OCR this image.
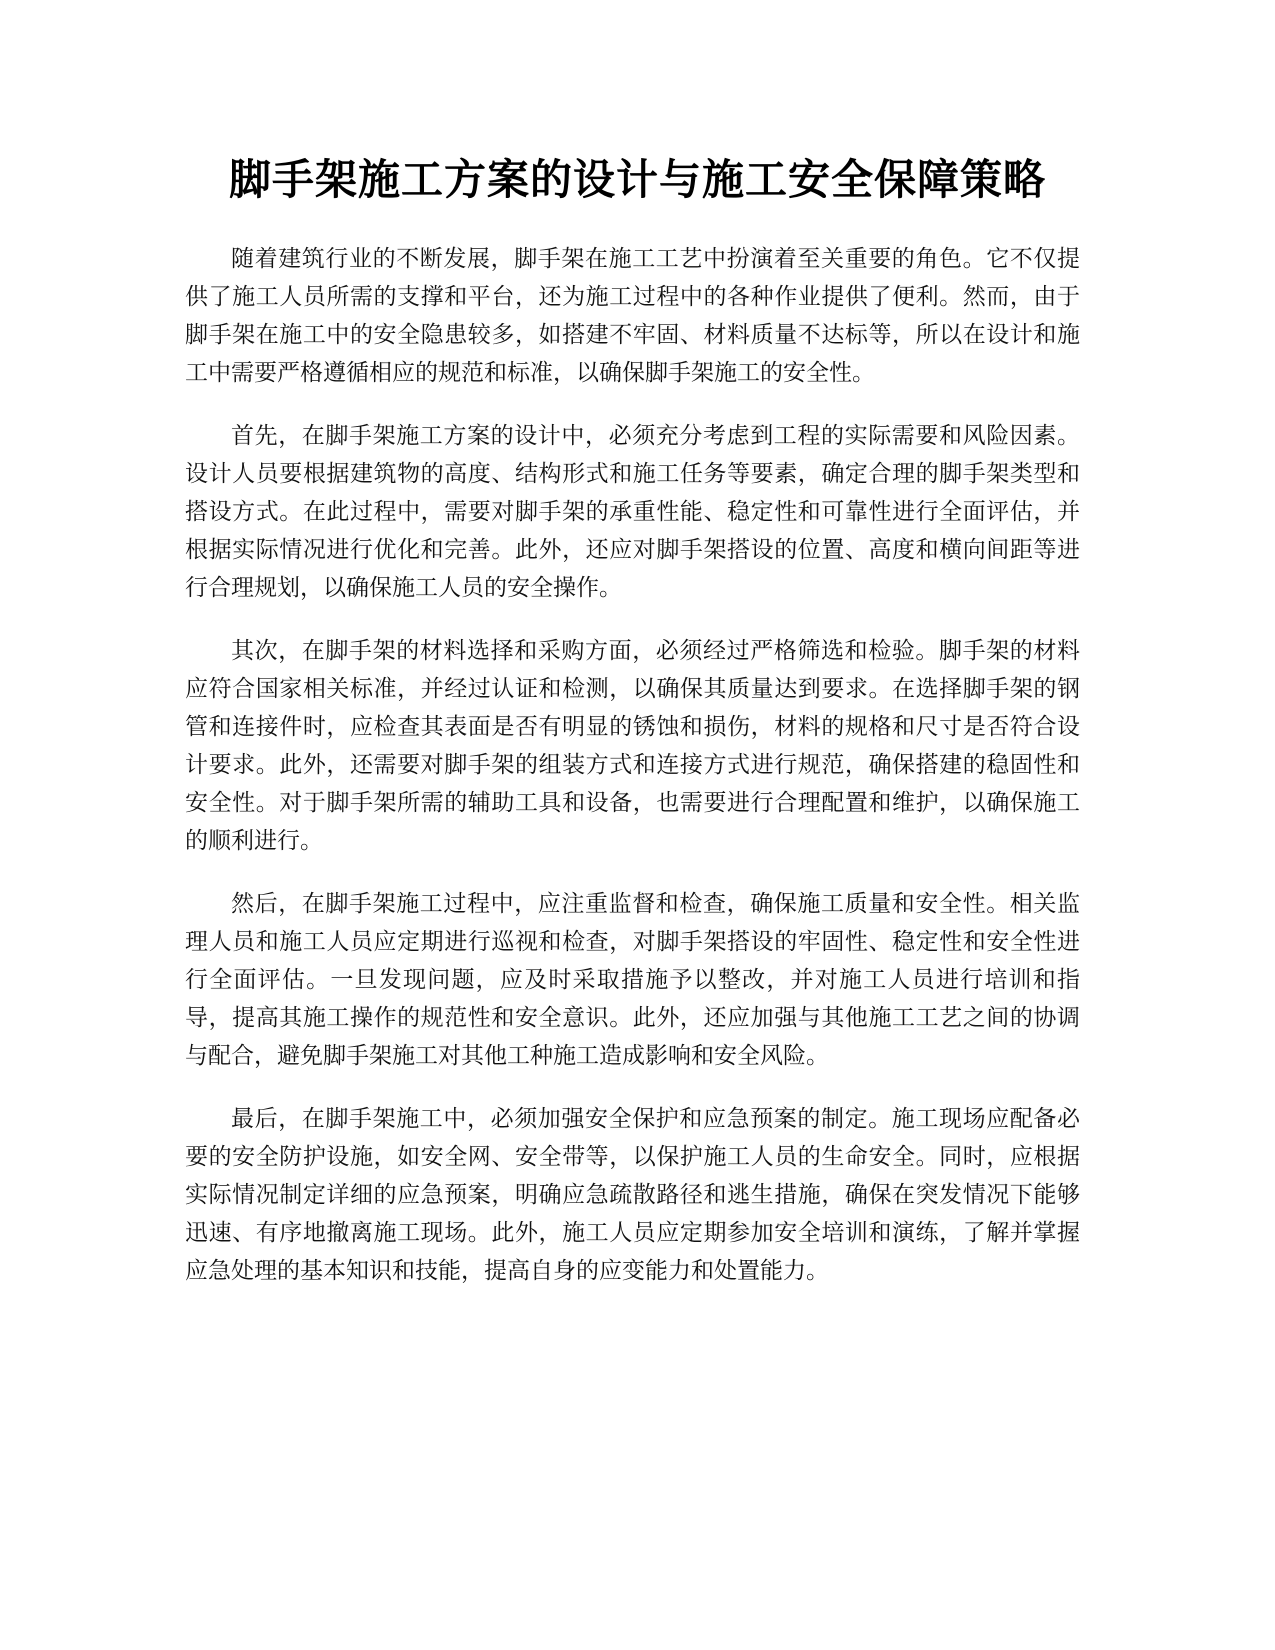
脚手架施工方案的设计与施工安全保障策略

随着建筑行业的不断发展，脚手架在施工工艺中扮演着至关重要的角色。它不仅提供了施工人员所需的支撑和平台，还为施工过程中的各种作业提供了便利。然而，由于脚手架在施工中的安全隐患较多，如搭建不牢固、材料质量不达标等，所以在设计和施工中需要严格遵循相应的规范和标准，以确保脚手架施工的安全性。

首先，在脚手架施工方案的设计中，必须充分考虑到工程的实际需要和风险因素。设计人员要根据建筑物的高度、结构形式和施工任务等要素，确定合理的脚手架类型和搭设方式。在此过程中，需要对脚手架的承重性能、稳定性和可靠性进行全面评估，并根据实际情况进行优化和完善。此外，还应对脚手架搭设的位置、高度和横向间距等进行合理规划，以确保施工人员的安全操作。

其次，在脚手架的材料选择和采购方面，必须经过严格筛选和检验。脚手架的材料应符合国家相关标准，并经过认证和检测，以确保其质量达到要求。在选择脚手架的钢管和连接件时，应检查其表面是否有明显的锈蚀和损伤，材料的规格和尺寸是否符合设计要求。此外，还需要对脚手架的组装方式和连接方式进行规范，确保搭建的稳固性和安全性。对于脚手架所需的辅助工具和设备，也需要进行合理配置和维护，以确保施工的顺利进行。

然后，在脚手架施工过程中，应注重监督和检查，确保施工质量和安全性。相关监理人员和施工人员应定期进行巡视和检查，对脚手架搭设的牢固性、稳定性和安全性进行全面评估。一旦发现问题，应及时采取措施予以整改，并对施工人员进行培训和指导，提高其施工操作的规范性和安全意识。此外，还应加强与其他施工工艺之间的协调与配合，避免脚手架施工对其他工种施工造成影响和安全风险。

最后，在脚手架施工中，必须加强安全保护和应急预案的制定。施工现场应配备必要的安全防护设施，如安全网、安全带等，以保护施工人员的生命安全。同时，应根据实际情况制定详细的应急预案，明确应急疏散路径和逃生措施，确保在突发情况下能够迅速、有序地撤离施工现场。此外，施工人员应定期参加安全培训和演练，了解并掌握应急处理的基本知识和技能，提高自身的应变能力和处置能力。
